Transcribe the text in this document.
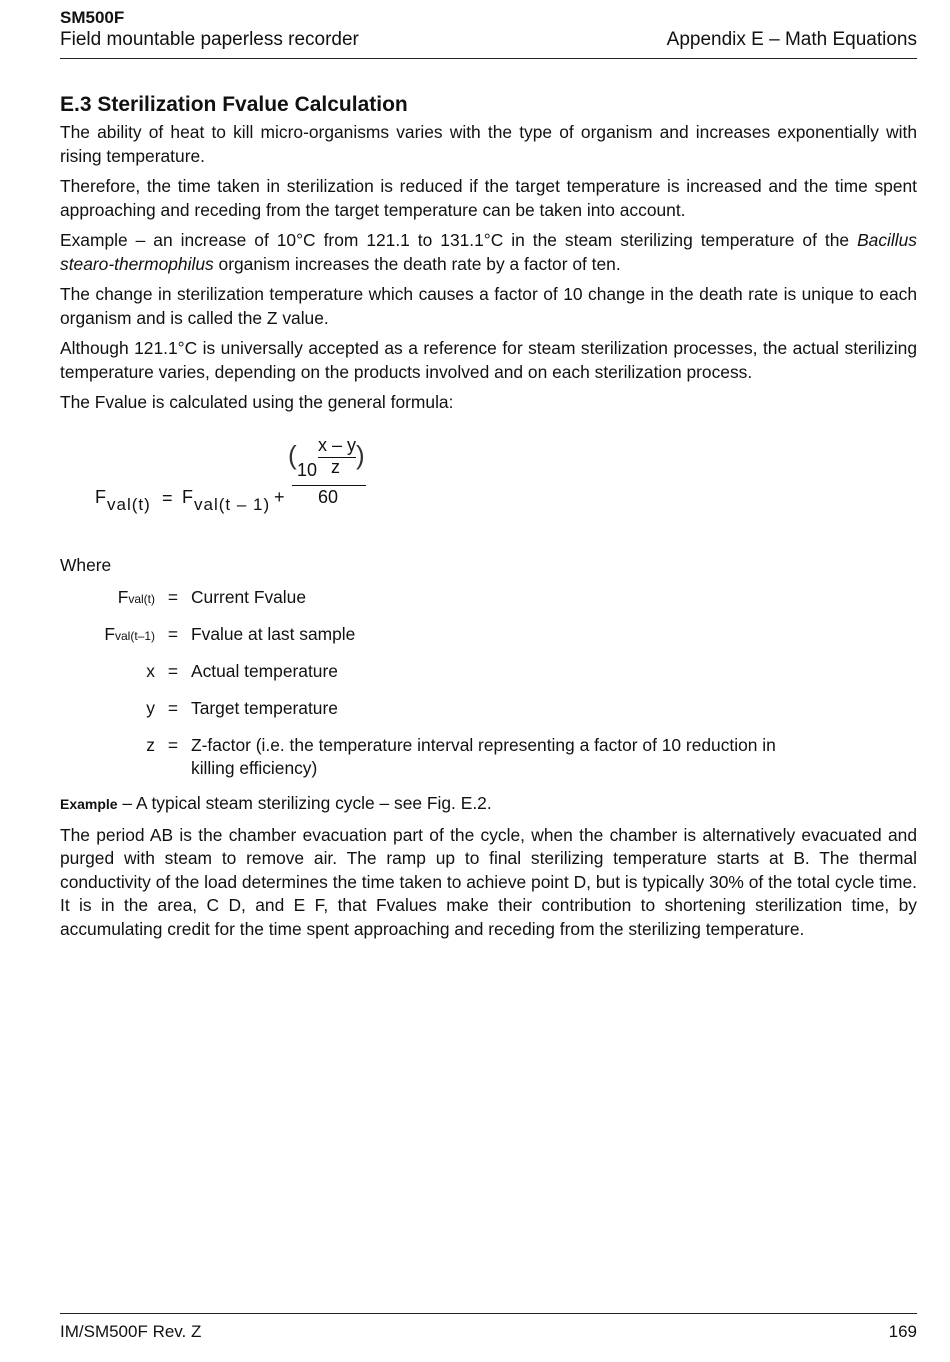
SM500F
Field mountable paperless recorder	Appendix E – Math Equations
E.3 Sterilization Fvalue Calculation

The ability of heat to kill micro-organisms varies with the type of organism and increases exponentially with rising temperature.

Therefore, the time taken in sterilization is reduced if the target temperature is increased and the time spent approaching and receding from the target temperature can be taken into account.

Example – an increase of 10°C from 121.1 to 131.1°C in the steam sterilizing temperature of the Bacillus stearo-thermophilus organism increases the death rate by a factor of ten.

The change in sterilization temperature which causes a factor of 10 change in the death rate is unique to each organism and is called the Z value.

Although 121.1°C is universally accepted as a reference for steam sterilization processes, the actual sterilizing temperature varies, depending on the products involved and on each sterilization process.

The Fvalue is calculated using the general formula:

F val(t) = F val(t – 1) +
( 10
x – y
z )
60
Where
Fval(t) = Current Fvalue
Fval(t–1) = Fvalue at last sample
x = Actual temperature
y = Target temperature
z = Z-factor (i.e. the temperature interval representing a factor of 10 reduction in killing efficiency)

Example – A typical steam sterilizing cycle – see Fig. E.2.

The period AB is the chamber evacuation part of the cycle, when the chamber is alternatively evacuated and purged with steam to remove air. The ramp up to final sterilizing temperature starts at B. The thermal conductivity of the load determines the time taken to achieve point D, but is typically 30% of the total cycle time. It is in the area, C D, and E F, that Fvalues make their contribution to shortening sterilization time, by accumulating credit for the time spent approaching and receding from the sterilizing temperature.

IM/SM500F Rev. Z	169
